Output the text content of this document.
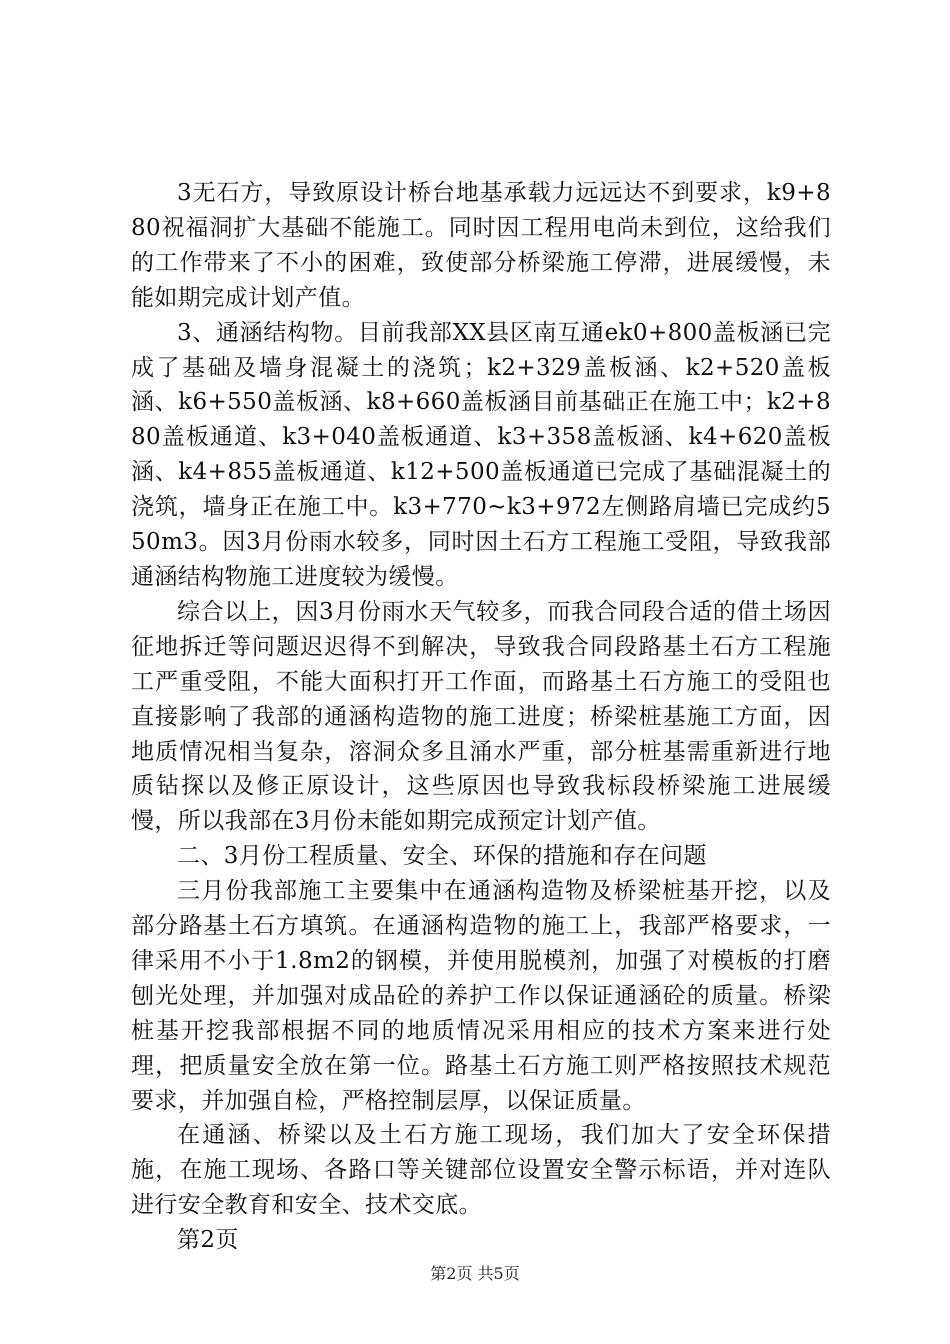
3无石方，导致原设计桥台地基承载力远远达不到要求，k9+880祝福洞扩大基础不能施工。同时因工程用电尚未到位，这给我们的工作带来了不小的困难，致使部分桥梁施工停滞，进展缓慢，未能如期完成计划产值。

3、通涵结构物。目前我部XX县区南互通ek0+800盖板涵已完成了基础及墙身混凝土的浇筑；k2+329盖板涵、k2+520盖板涵、k6+550盖板涵、k8+660盖板涵目前基础正在施工中；k2+880盖板通道、k3+040盖板通道、k3+358盖板涵、k4+620盖板涵、k4+855盖板通道、k12+500盖板通道已完成了基础混凝土的浇筑，墙身正在施工中。k3+770~k3+972左侧路肩墙已完成约550m3。因3月份雨水较多，同时因土石方工程施工受阻，导致我部通涵结构物施工进度较为缓慢。

综合以上，因3月份雨水天气较多，而我合同段合适的借土场因征地拆迁等问题迟迟得不到解决，导致我合同段路基土石方工程施工严重受阻，不能大面积打开工作面，而路基土石方施工的受阻也直接影响了我部的通涵构造物的施工进度；桥梁桩基施工方面，因地质情况相当复杂，溶洞众多且涌水严重，部分桩基需重新进行地质钻探以及修正原设计，这些原因也导致我标段桥梁施工进展缓慢，所以我部在3月份未能如期完成预定计划产值。

二、3月份工程质量、安全、环保的措施和存在问题

三月份我部施工主要集中在通涵构造物及桥梁桩基开挖，以及部分路基土石方填筑。在通涵构造物的施工上，我部严格要求，一律采用不小于1.8m2的钢模，并使用脱模剂，加强了对模板的打磨刨光处理，并加强对成品砼的养护工作以保证通涵砼的质量。桥梁桩基开挖我部根据不同的地质情况采用相应的技术方案来进行处理，把质量安全放在第一位。路基土石方施工则严格按照技术规范要求，并加强自检，严格控制层厚，以保证质量。

在通涵、桥梁以及土石方施工现场，我们加大了安全环保措施，在施工现场、各路口等关键部位设置安全警示标语，并对连队进行安全教育和安全、技术交底。

第2页

第2页 共5页
